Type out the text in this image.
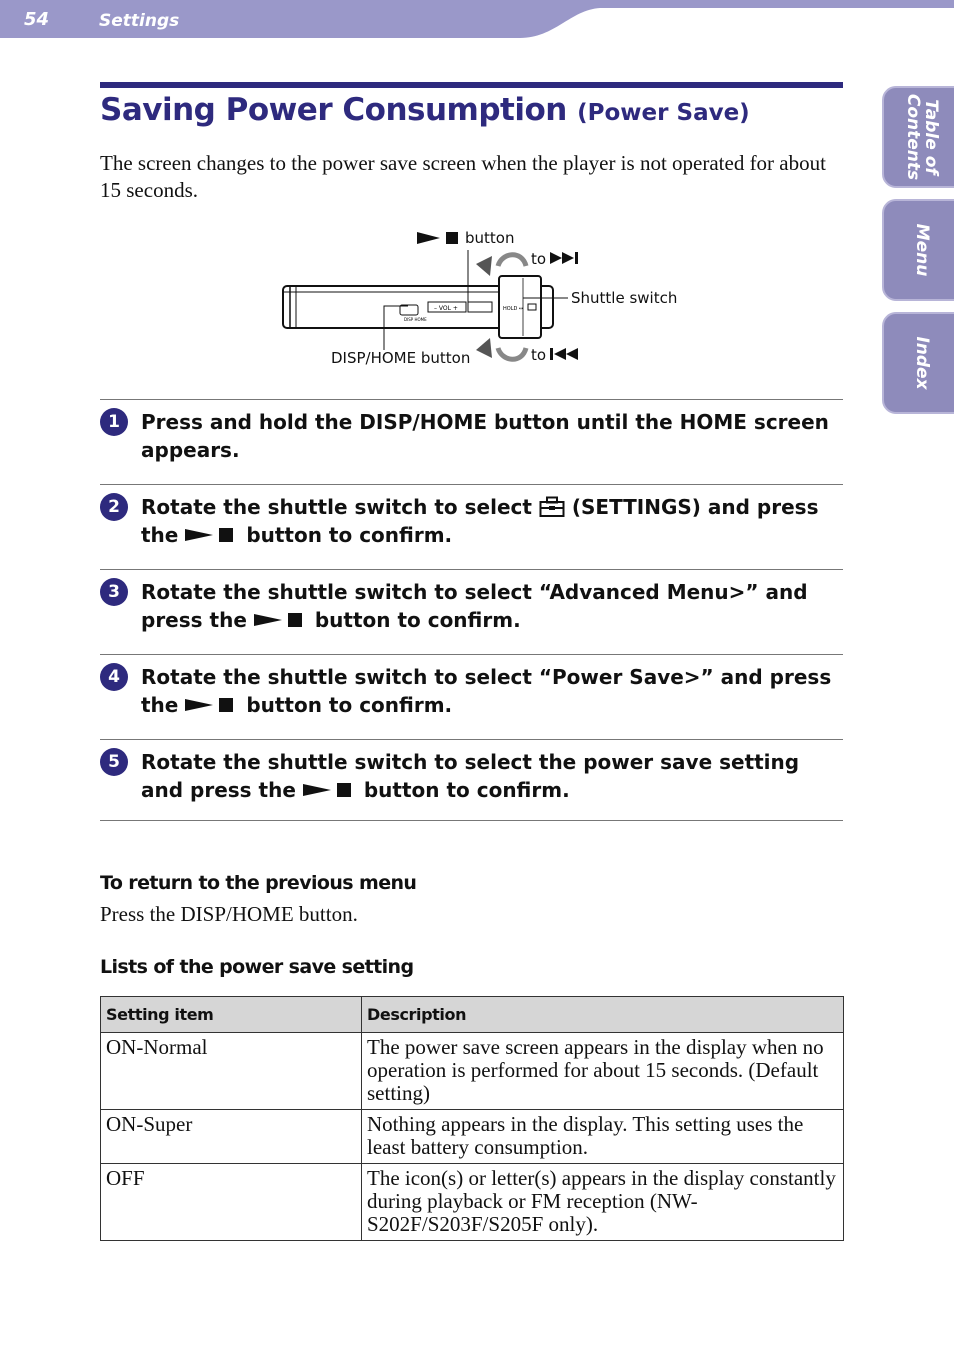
54	Settings
Table of
Contents
Menu
Index
Saving Power Consumption (Power Save)

The screen changes to the power save screen when the player is not operated for about 15 seconds.

DISP HOME
– VOL +	HOLD ↔
button
to
Shuttle switch
to
DISP/HOME button
1	Press and hold the DISP/HOME button until the HOME screen appears.

2	Rotate the shuttle switch to select (SETTINGS) and press the	button to confirm.

3	Rotate the shuttle switch to select “Advanced Menu>” and press the	button to confirm.

4	Rotate the shuttle switch to select “Power Save>” and press the	button to confirm.

5	Rotate the shuttle switch to select the power save setting and press the	button to confirm.

To return to the previous menu

Press the DISP/HOME button.

Lists of the power save setting
Setting item	Description
ON-Normal	The power save screen appears in the display when no operation is performed for about 15 seconds. (Default setting)
ON-Super	Nothing appears in the display. This setting uses the least battery consumption.
OFF	The icon(s) or letter(s) appears in the display constantly during playback or FM reception (NW-S202F/S203F/S205F only).
